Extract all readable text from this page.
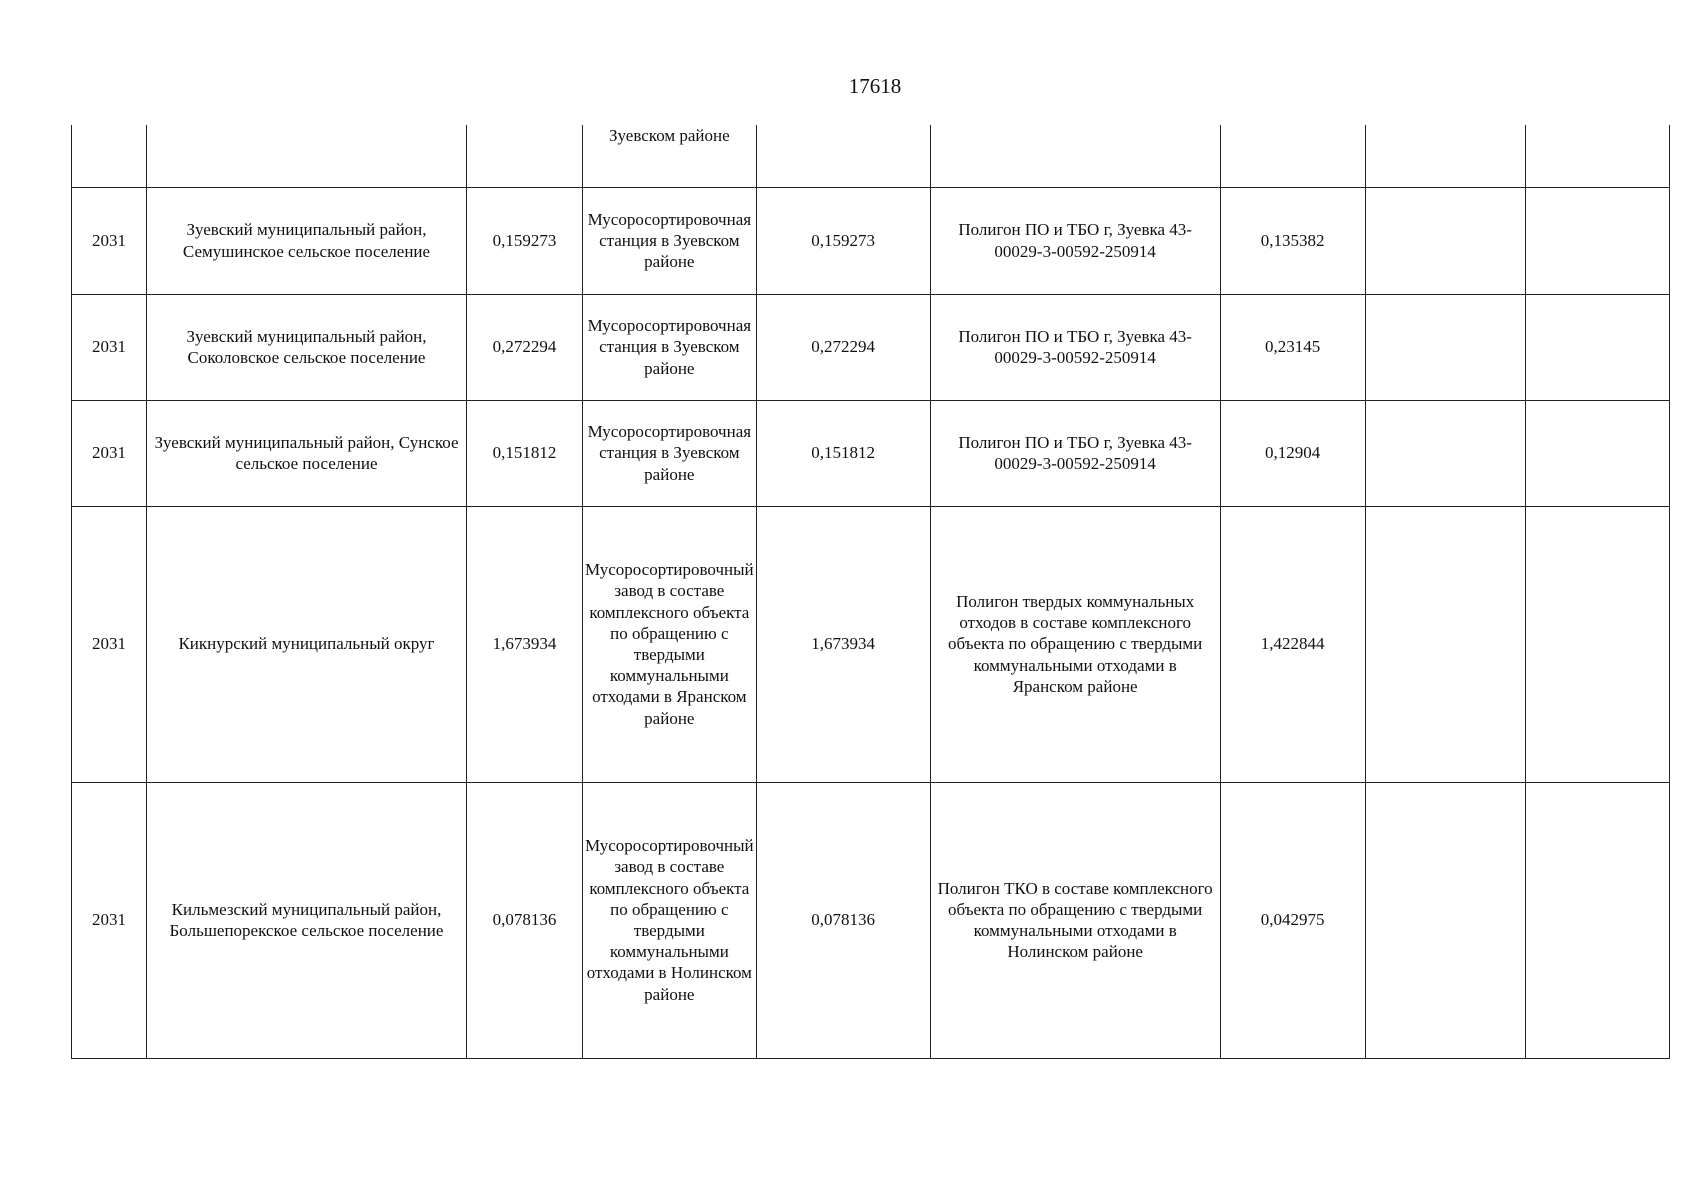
17618

			Зуевском районе					

2031	Зуевский муниципальный район, Семушинское сельское поселение	0,159273	Мусоросортировочная станция в Зуевском районе	0,159273	Полигон ПО и ТБО г, Зуевка 43-00029-3-00592-250914	0,135382		
2031	Зуевский муниципальный район, Соколовское сельское поселение	0,272294	Мусоросортировочная станция в Зуевском районе	0,272294	Полигон ПО и ТБО г, Зуевка 43-00029-3-00592-250914	0,23145		
2031	Зуевский муниципальный район, Сунское сельское поселение	0,151812	Мусоросортировочная станция в Зуевском районе	0,151812	Полигон ПО и ТБО г, Зуевка 43-00029-3-00592-250914	0,12904		
2031	Кикнурский муниципальный округ	1,673934	Мусоросортировочный завод в составе комплексного объекта по обращению с твердыми коммунальными отходами в Яранском районе	1,673934	Полигон твердых коммунальных отходов в составе комплексного объекта по обращению с твердыми коммунальными отходами в Яранском районе	1,422844		
2031	Кильмезский муниципальный район, Большепорекское сельское поселение	0,078136	Мусоросортировочный завод в составе комплексного объекта по обращению с твердыми коммунальными отходами в Нолинском районе	0,078136	Полигон ТКО в составе комплексного объекта по обращению с твердыми коммунальными отходами в Нолинском районе	0,042975		
